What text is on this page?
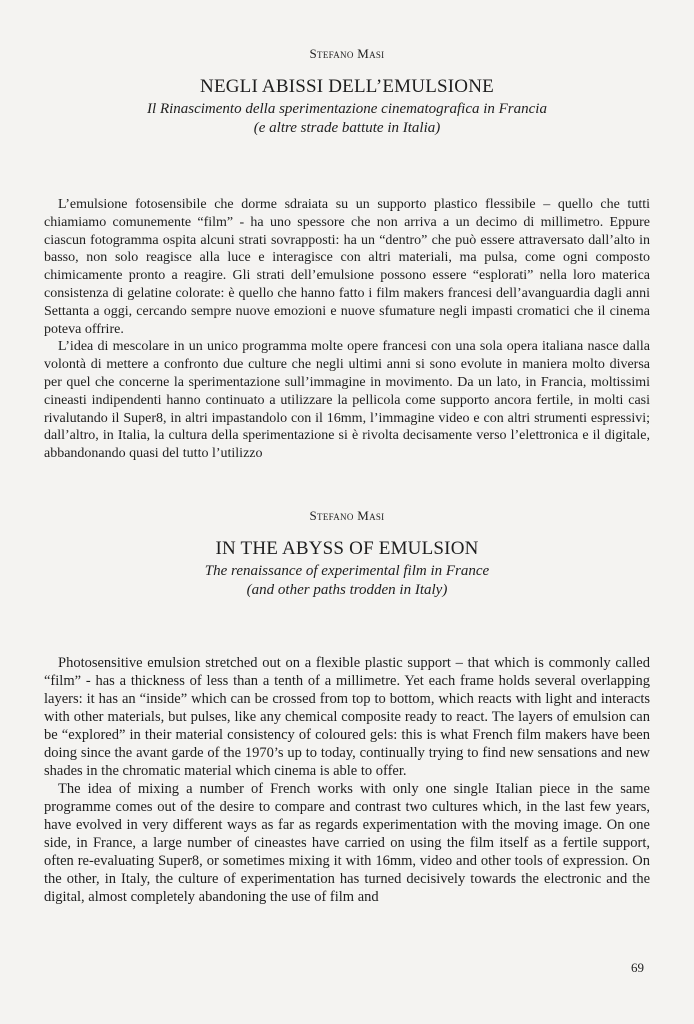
Stefano Masi

NEGLI ABISSI DELL’EMULSIONE

Il Rinascimento della sperimentazione cinematografica in Francia

(e altre strade battute in Italia)

L’emulsione fotosensibile che dorme sdraiata su un supporto plastico flessibile – quello che tutti chiamiamo comunemente “film” - ha uno spessore che non arriva a un decimo di millimetro. Eppure ciascun fotogramma ospita alcuni strati sovrapposti: ha un “dentro” che può essere attraversato dall’alto in basso, non solo reagisce alla luce e interagisce con altri materiali, ma pulsa, come ogni composto chimicamente pronto a reagire. Gli strati dell’emulsione possono essere “esplorati” nella loro materica consistenza di gelatine colorate: è quello che hanno fatto i film makers francesi dell’avanguardia dagli anni Settanta a oggi, cercando sempre nuove emozioni e nuove sfumature negli impasti cromatici che il cinema poteva offrire.

L’idea di mescolare in un unico programma molte opere francesi con una sola opera italiana nasce dalla volontà di mettere a confronto due culture che negli ultimi anni si sono evolute in maniera molto diversa per quel che concerne la sperimentazione sull’immagine in movimento. Da un lato, in Francia, moltissimi cineasti indipendenti hanno continuato a utilizzare la pellicola come supporto ancora fertile, in molti casi rivalutando il Super8, in altri impastandolo con il 16mm, l’immagine video e con altri strumenti espressivi; dall’altro, in Italia, la cultura della sperimentazione si è rivolta decisamente verso l’elettronica e il digitale, abbandonando quasi del tutto l’utilizzo

Stefano Masi

IN THE ABYSS OF EMULSION

The renaissance of experimental film in France

(and other paths trodden in Italy)

Photosensitive emulsion stretched out on a flexible plastic support – that which is commonly called “film” - has a thickness of less than a tenth of a millimetre. Yet each frame holds several overlapping layers: it has an “inside” which can be crossed from top to bottom, which reacts with light and interacts with other materials, but pulses, like any chemical composite ready to react. The layers of emulsion can be “explored” in their material consistency of coloured gels: this is what French film makers have been doing since the avant garde of the 1970’s up to today, continually trying to find new sensations and new shades in the chromatic material which cinema is able to offer.

The idea of mixing a number of French works with only one single Italian piece in the same programme comes out of the desire to compare and contrast two cultures which, in the last few years, have evolved in very different ways as far as regards experimentation with the moving image. On one side, in France, a large number of cineastes have carried on using the film itself as a fertile support, often re-evaluating Super8, or sometimes mixing it with 16mm, video and other tools of expression. On the other, in Italy, the culture of experimentation has turned decisively towards the electronic and the digital, almost completely abandoning the use of film and

69
